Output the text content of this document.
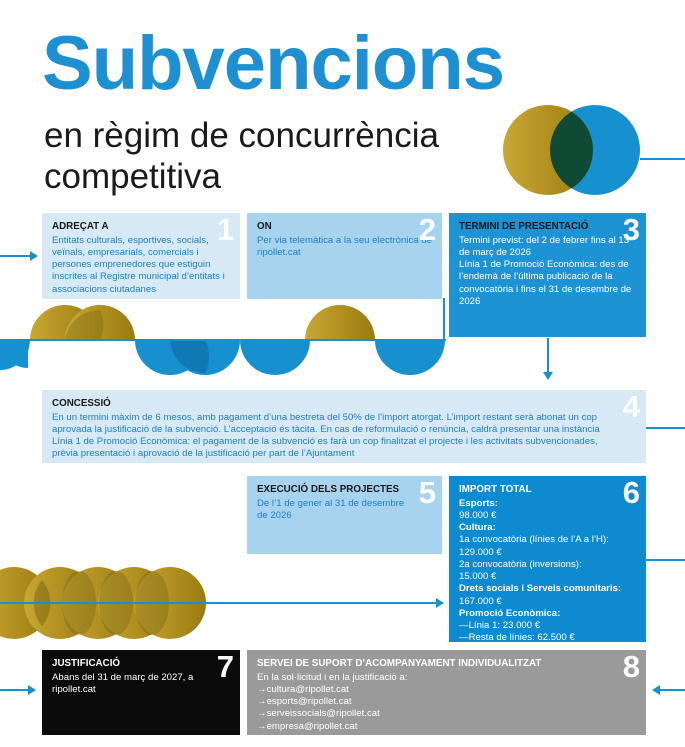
Subvencions
en règim de concurrència
competitiva
1
ADREÇAT A
Entitats culturals, esportives, socials, veïnals, empresarials, comercials i persones emprenedores que estiguin inscrites al Registre municipal d’entitats i associacions ciutadanes
2
ON
Per via telemàtica a la seu electrònica de ripollet.cat
3
TERMINI DE PRESENTACIÓ
Termini previst: del 2 de febrer fins al 13 de març de 2026
Línia 1 de Promoció Econòmica: des de l’endemà de l’última publicació de la convocatòria i fins el 31 de desembre de 2026
4
CONCESSIÓ
En un termini màxim de 6 mesos, amb pagament d’una bestreta del 50% de l’import atorgat. L’import restant serà abonat un cop aprovada la justificació de la subvenció. L’acceptació és tàcita. En cas de reformulació o renúncia, caldrà presentar una instància Línia 1 de Promoció Econòmica: el pagament de la subvenció es farà un cop finalitzat el projecte i les activitats subvencionades, prèvia presentació i aprovació de la justificació per part de l’Ajuntament
5
EXECUCIÓ DELS PROJECTES
De l’1 de gener al 31 de desembre de 2026
6
IMPORT TOTAL
Esports:
98.000 €
Cultura:
1a convocatòria (línies de l’A a l’H): 129.000 €
2a convocatòria (inversions):
15.000 €
Drets socials i Serveis comunitaris:
167.000 €
Promoció Econòmica:
—Línia 1: 23.000 €
—Resta de línies: 62.500 €
7
JUSTIFICACIÓ
Abans del 31 de març de 2027, a ripollet.cat
8
SERVEI DE SUPORT D’ACOMPANYAMENT INDIVIDUALITZAT
En la sol·licitud i en la justificació a:
→cultura@ripollet.cat
→esports@ripollet.cat
→serveissocials@ripollet.cat
→empresa@ripollet.cat
